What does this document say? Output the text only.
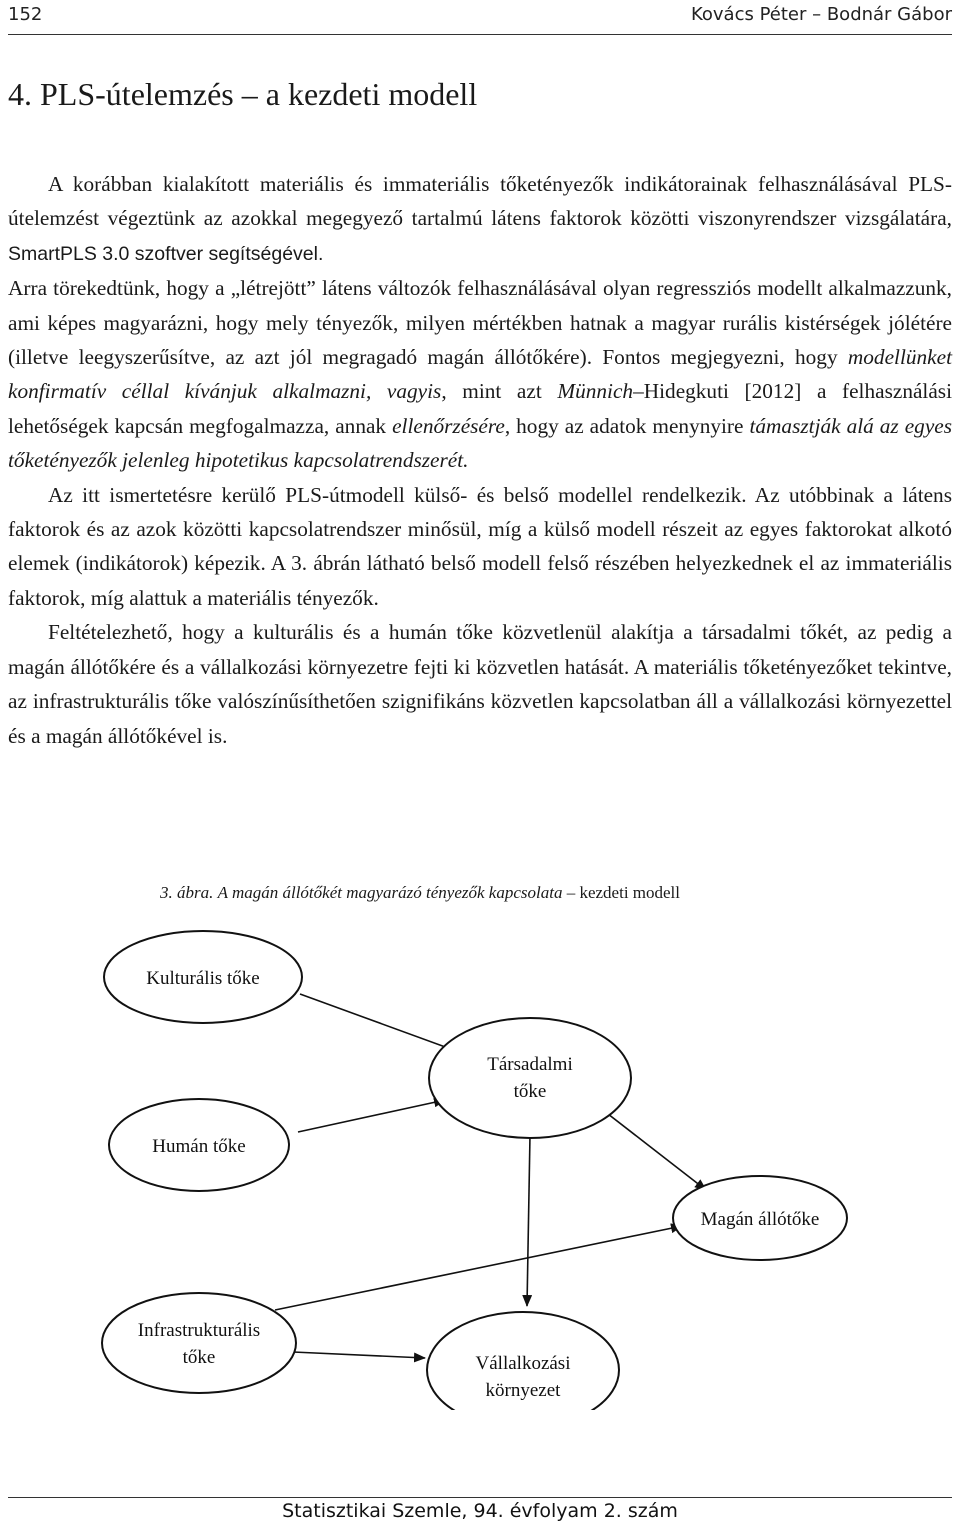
152	Kovács Péter – Bodnár Gábor
4. PLS-útelemzés – a kezdeti modell

A korábban kialakított materiális és immateriális tőketényezők indikátorainak felhasználásával PLS-útelemzést végeztünk az azokkal megegyező tartalmú látens faktorok közötti viszonyrendszer vizsgálatára, SmartPLS 3.0 szoftver segítségével.

Arra törekedtünk, hogy a „létrejött” látens változók felhasználásával olyan regressziós modellt alkalmazzunk, ami képes magyarázni, hogy mely tényezők, milyen mértékben hatnak a magyar rurális kistérségek jólétére (illetve leegyszerűsítve, az azt jól megragadó magán állótőkére). Fontos megjegyezni, hogy modellünket konfirmatív céllal kívánjuk alkalmazni, vagyis, mint azt Münnich–Hidegkuti [2012] a felhasználási lehetőségek kapcsán megfogalmazza, annak ellenőrzésére, hogy az adatok menynyire támasztják alá az egyes tőketényezők jelenleg hipotetikus kapcsolatrendszerét.

Az itt ismertetésre kerülő PLS-útmodell külső- és belső modellel rendelkezik. Az utóbbinak a látens faktorok és az azok közötti kapcsolatrendszer minősül, míg a külső modell részeit az egyes faktorokat alkotó elemek (indikátorok) képezik. A 3. ábrán látható belső modell felső részében helyezkednek el az immateriális faktorok, míg alattuk a materiális tényezők.

Feltételezhető, hogy a kulturális és a humán tőke közvetlenül alakítja a társadalmi tőkét, az pedig a magán állótőkére és a vállalkozási környezetre fejti ki közvetlen hatását. A materiális tőketényezőket tekintve, az infrastrukturális tőke valószínűsíthetően szignifikáns közvetlen kapcsolatban áll a vállalkozási környezettel és a magán állótőkével is.

3. ábra. A magán állótőkét magyarázó tényezők kapcsolata – kezdeti modell
Kulturális tőke
Társadalmi
tőke
Humán tőke
Magán állótőke
Infrastrukturális
tőke	Vállalkozási
környezet
Statisztikai Szemle, 94. évfolyam 2. szám
